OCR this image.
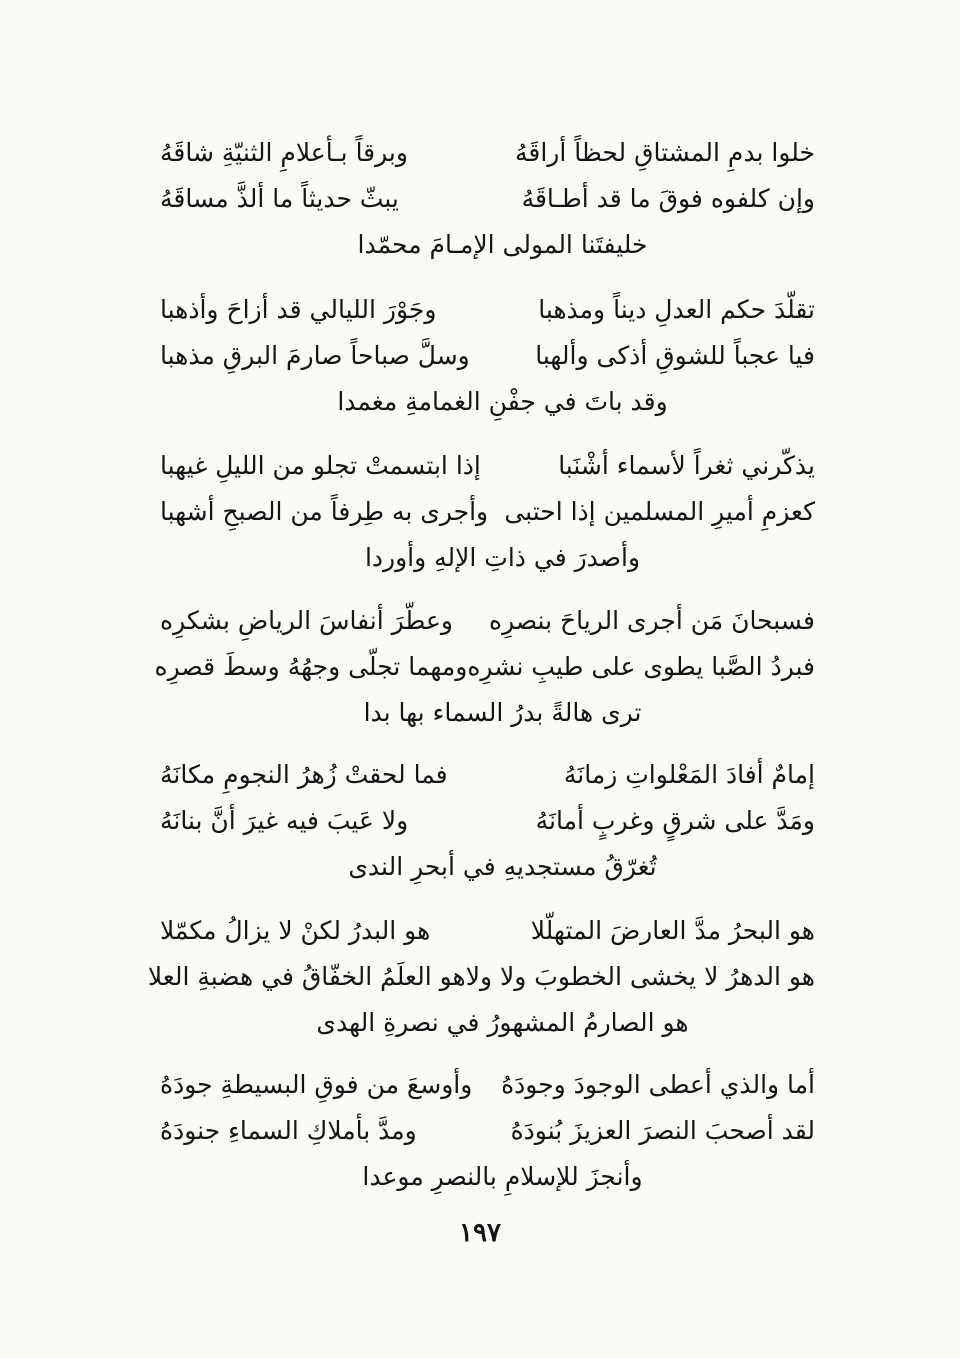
خلوا بدمِ المشتاقِ لحظاً أراقَهُ
وبرقاً بـأعلامِ الثنيّةِ شاقَهُ
وإن كلفوه فوقَ ما قد أطـاقَهُ
يبثّ حديثاً ما ألذَّ مساقَهُ
خليفتَنا المولى الإمـامَ محمّدا
تقلّدَ حكم العدلِ ديناً ومذهبا
وجَوْرَ الليالي قد أزاحَ وأذهبا
فيا عجباً للشوقِ أذكى وألهبا
وسلَّ صباحاً صارمَ البرقِ مذهبا
وقد باتَ في جفْنِ الغمامةِ مغمدا
يذكّرني ثغراً لأسماء أشْنَبا
إذا ابتسمتْ تجلو من الليلِ غيهبا
كعزمِ أميرِ المسلمين إذا احتبى
وأجرى به طِرفاً من الصبحِ أشهبا
وأصدرَ في ذاتِ الإلهِ وأوردا
فسبحانَ مَن أجرى الرياحَ بنصرِه
وعطّرَ أنفاسَ الرياضِ بشكرِه
فبردُ الصَّبا يطوى على طيبِ نشرِه
ومهما تجلّى وجهُهُ وسطَ قصرِه
ترى هالةً بدرُ السماء بها بدا
إمامٌ أفادَ المَعْلواتِ زمانَهُ
فما لحقتْ زُهرُ النجومِ مكانَهُ
ومَدَّ على شرقٍ وغربٍ أمانَهُ
ولا عَيبَ فيه غيرَ أنَّ بنانَهُ
تُغرّقُ مستجديهِ في أبحرِ الندى
هو البحرُ مدَّ العارضَ المتهلّلا
هو البدرُ لكنْ لا يزالُ مكمّلا
هو الدهرُ لا يخشى الخطوبَ ولا ولا
هو العلَمُ الخفّاقُ في هضبةِ العلا
هو الصارمُ المشهورُ في نصرةِ الهدى
أما والذي أعطى الوجودَ وجودَهُ
وأوسعَ من فوقِ البسيطةِ جودَهُ
لقد أصحبَ النصرَ العزيزَ بُنودَهُ
ومدَّ بأملاكِ السماءِ جنودَهُ
وأنجزَ للإسلامِ بالنصرِ موعدا
١٩٧
